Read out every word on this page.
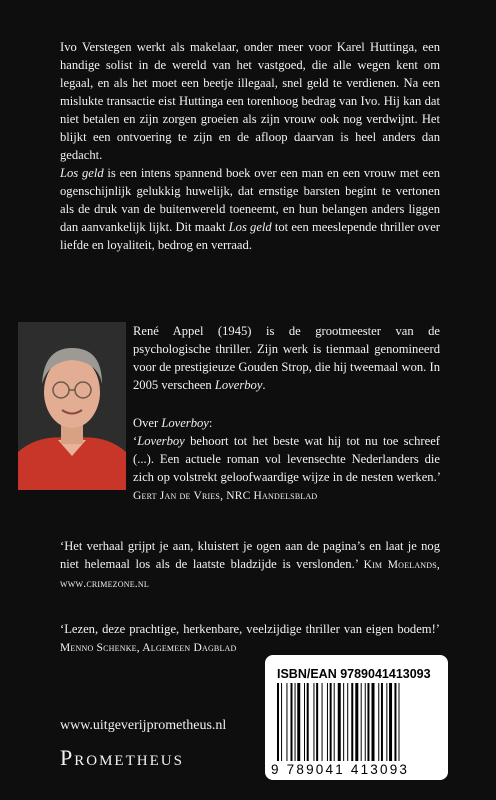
Ivo Verstegen werkt als makelaar, onder meer voor Karel Huttinga, een handige solist in de wereld van het vastgoed, die alle wegen kent om legaal, en als het moet een beetje illegaal, snel geld te verdienen. Na een mislukte transactie eist Huttinga een torenhoog bedrag van Ivo. Hij kan dat niet betalen en zijn zorgen groeien als zijn vrouw ook nog verdwijnt. Het blijkt een ontvoering te zijn en de afloop daarvan is heel anders dan gedacht.

Los geld is een intens spannend boek over een man en een vrouw met een ogenschijnlijk gelukkig huwelijk, dat ernstige barsten begint te vertonen als de druk van de buitenwereld toeneemt, en hun belangen anders liggen dan aanvankelijk lijkt. Dit maakt Los geld tot een meeslepende thriller over liefde en loyaliteit, bedrog en verraad.

René Appel (1945) is de grootmeester van de psychologische thriller. Zijn werk is tienmaal genomineerd voor de prestigieuze Gouden Strop, die hij tweemaal won. In 2005 verscheen Loverboy.

Over Loverboy:
‘Loverboy behoort tot het beste wat hij tot nu toe schreef (...). Een actuele roman vol levensechte Nederlanders die zich op volstrekt geloofwaardige wijze in de nesten werken.’ Gert Jan de Vries, NRC Handelsblad
‘Het verhaal grijpt je aan, kluistert je ogen aan de pagina’s en laat je nog niet helemaal los als de laatste bladzijde is verslonden.’ Kim Moelands, www.crimezone.nl
‘Lezen, deze prachtige, herkenbare, veelzijdige thriller van eigen bodem!’ Menno Schenke, Algemeen Dagblad
www.uitgeverijprometheus.nl
Prometheus
ISBN/EAN 9789041413093
9 789041 413093
